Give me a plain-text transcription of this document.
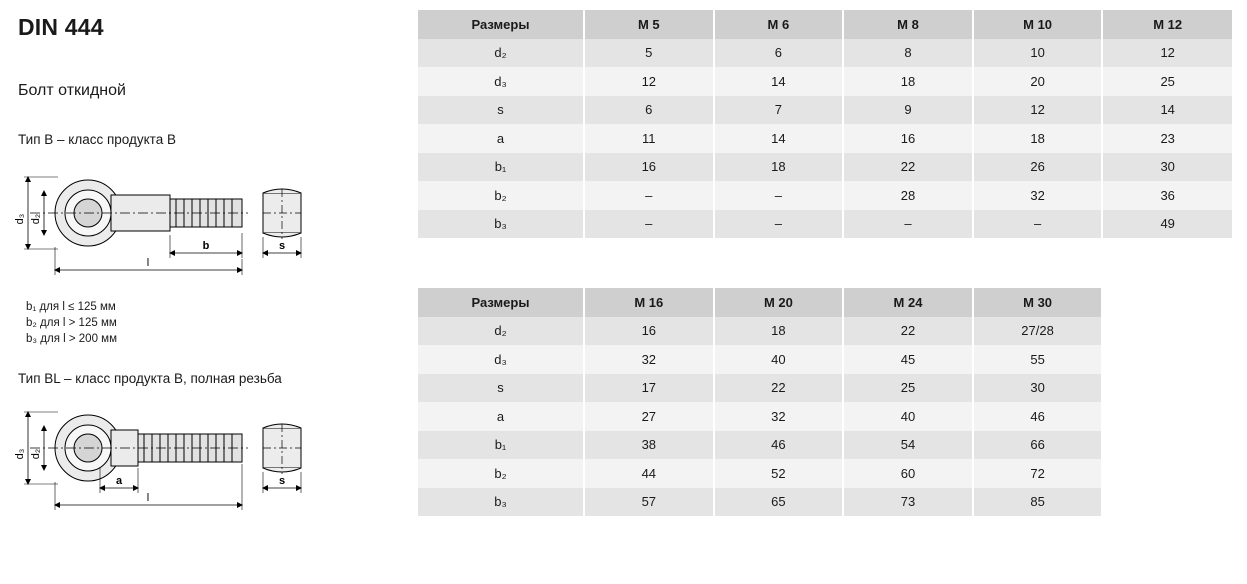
DIN 444
Болт откидной
Тип B – класс продукта B
d₃ d₂
b
l
s
b₁ для l ≤ 125 мм
b₂ для l > 125 мм
b₃ для l > 200 мм
Тип BL – класс продукта B, полная резьба
d₃ d₂
a
l
s
Размеры	M 5	M 6	M 8	M 10	M 12
d₂	5	6	8	10	12
d₃	12	14	18	20	25
s	6	7	9	12	14
a	11	14	16	18	23
b₁	16	18	22	26	30
b₂	–	–	28	32	36
b₃	–	–	–	–	49
Размеры	M 16	M 20	M 24	M 30	
d₂	16	18	22	27/28	
d₃	32	40	45	55	
s	17	22	25	30	
a	27	32	40	46	
b₁	38	46	54	66	
b₂	44	52	60	72	
b₃	57	65	73	85	
